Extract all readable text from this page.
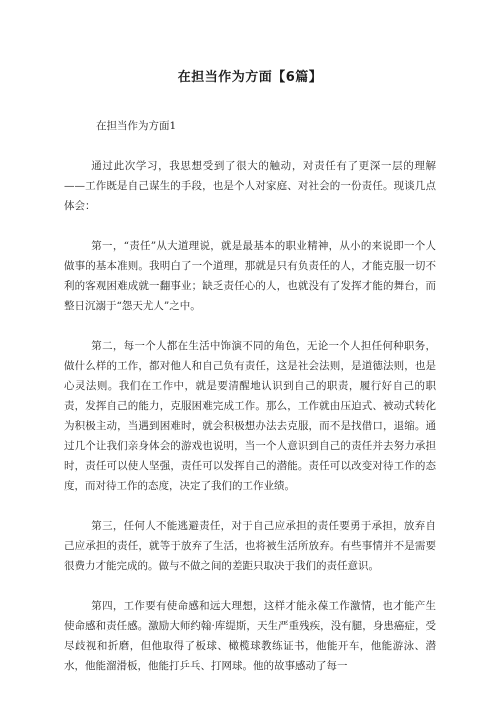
在担当作为方面【6篇】
在担当作为方面1

通过此次学习，我思想受到了很大的触动，对责任有了更深一层的理解——工作既是自己谋生的手段，也是个人对家庭、对社会的一份责任。现谈几点体会：

第一，“责任”从大道理说，就是最基本的职业精神，从小的来说即一个人做事的基本准则。我明白了一个道理，那就是只有负责任的人，才能克服一切不利的客观困难成就一翻事业；缺乏责任心的人，也就没有了发挥才能的舞台，而整日沉溺于“怨天尤人”之中。

第二，每一个人都在生活中饰演不同的角色，无论一个人担任何种职务，做什么样的工作，都对他人和自己负有责任，这是社会法则，是道德法则，也是心灵法则。我们在工作中，就是要清醒地认识到自己的职责，履行好自己的职责，发挥自己的能力，克服困难完成工作。那么，工作就由压迫式、被动式转化为积极主动，当遇到困难时，就会积极想办法去克服，而不是找借口，退缩。通过几个让我们亲身体会的游戏也说明，当一个人意识到自己的责任并去努力承担时，责任可以使人坚强，责任可以发挥自己的潜能。责任可以改变对待工作的态度，而对待工作的态度，决定了我们的工作业绩。

第三，任何人不能逃避责任，对于自己应承担的责任要勇于承担，放弃自己应承担的责任，就等于放弃了生活，也将被生活所放弃。有些事情并不是需要很费力才能完成的。做与不做之间的差距只取决于我们的责任意识。

第四，工作要有使命感和远大理想，这样才能永葆工作激情，也才能产生使命感和责任感。激励大师约翰·库缇斯，天生严重残疾，没有腿，身患癌症，受尽歧视和折磨，但他取得了板球、橄榄球教练证书，他能开车，他能游泳、潜水，他能溜滑板，他能打乒乓、打网球。他的故事感动了每一
